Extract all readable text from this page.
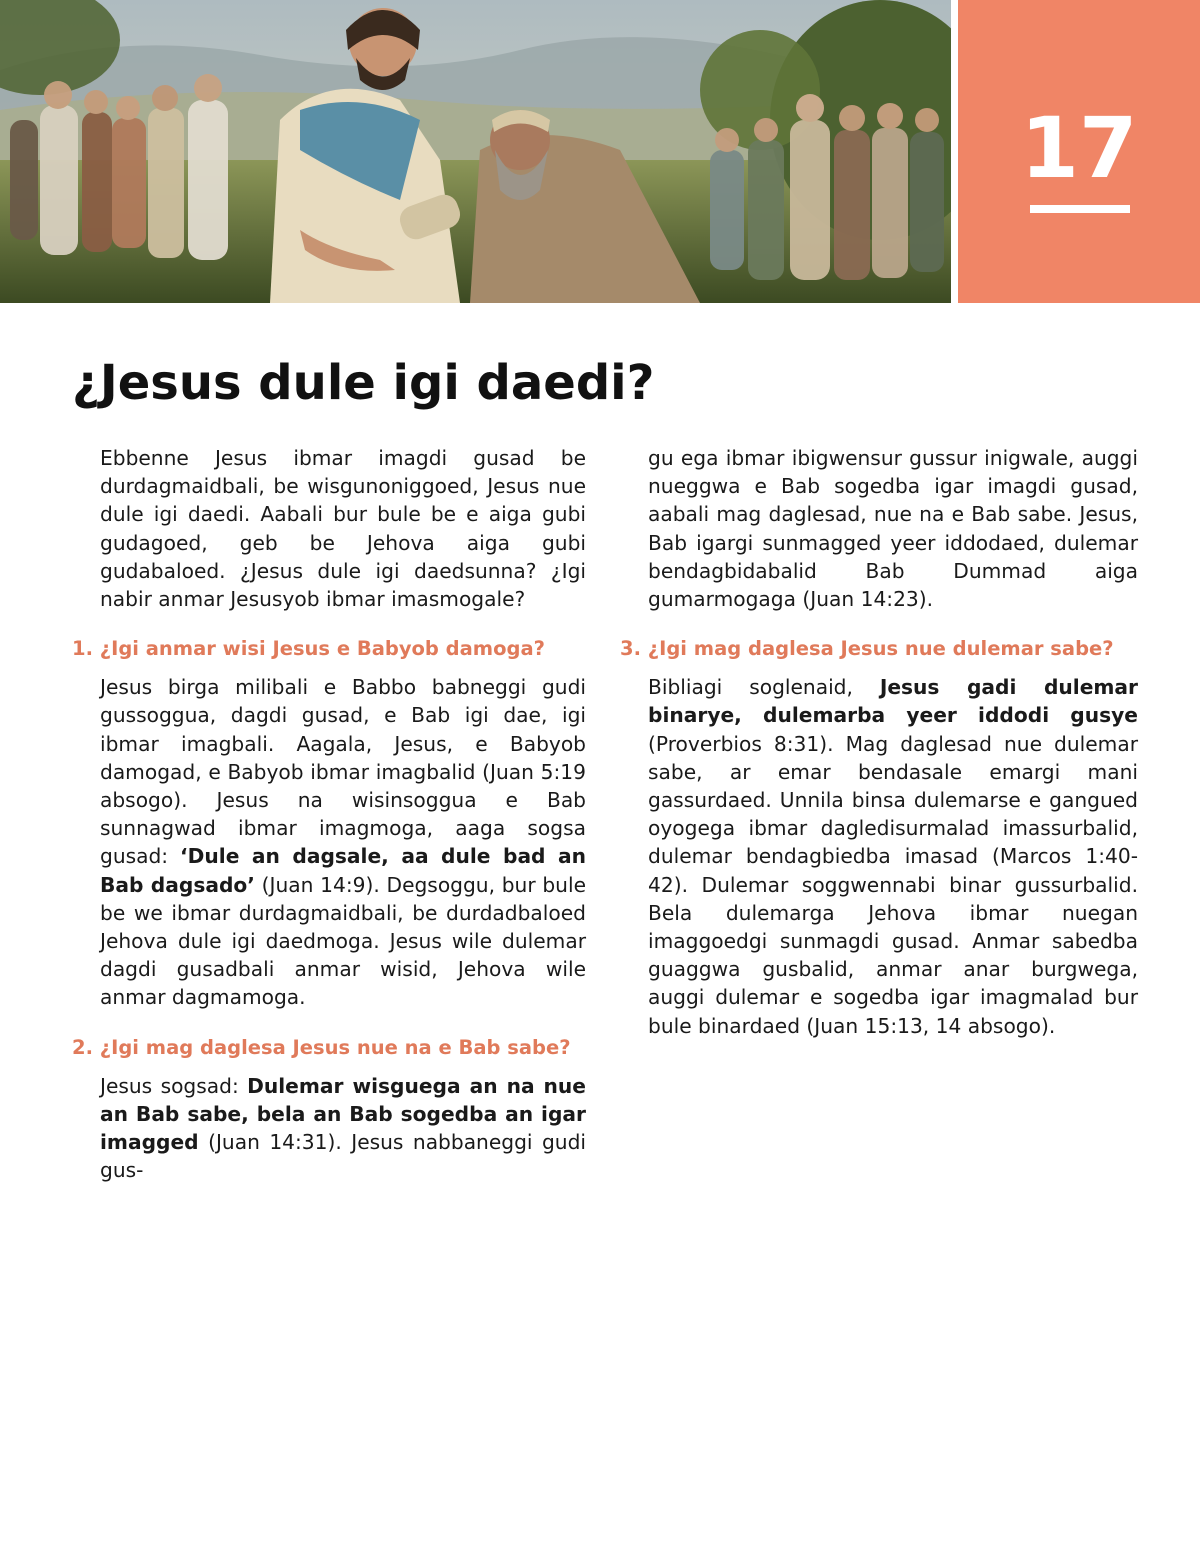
17
¿Jesus dule igi daedi?

Ebbenne Jesus ibmar imagdi gusad be durdagmaidbali, be wisgunoniggoed, Jesus nue dule igi daedi. Aabali bur bule be e aiga gubi gudagoed, geb be Jehova aiga gubi gudabaloed. ¿Jesus dule igi daedsunna? ¿Igi nabir anmar Jesusyob ibmar imasmogale?

1. ¿Igi anmar wisi Jesus e Babyob damoga?

Jesus birga milibali e Babbo babneggi gudi gussoggua, dagdi gusad, e Bab igi dae, igi ibmar imagbali. Aagala, Jesus, e Babyob damogad, e Babyob ibmar imagbalid (Juan 5:19 absogo). Jesus na wisinsoggua e Bab sunnagwad ibmar imagmoga, aaga sogsa gusad: ‘Dule an dagsale, aa dule bad an Bab dagsado’ (Juan 14:9). Degsoggu, bur bule be we ibmar durdagmaidbali, be durdadbaloed Jehova dule igi daedmoga. Jesus wile dulemar dagdi gusadbali anmar wisid, Jehova wile anmar dagmamoga.

2. ¿Igi mag daglesa Jesus nue na e Bab sabe?

Jesus sogsad: Dulemar wisguega an na nue an Bab sabe, bela an Bab sogedba an igar imagged (Juan 14:31). Jesus nabbaneggi gudi gus-

gu ega ibmar ibigwensur gussur inigwale, auggi nueggwa e Bab sogedba igar imagdi gusad, aabali mag daglesad, nue na e Bab sabe. Jesus, Bab igargi sunmagged yeer iddodaed, dulemar bendagbidabalid Bab Dummad aiga gumarmogaga (Juan 14:23).

3. ¿Igi mag daglesa Jesus nue dulemar sabe?

Bibliagi soglenaid, Jesus gadi dulemar binarye, dulemarba yeer iddodi gusye (Proverbios 8:31). Mag daglesad nue dulemar sabe, ar emar bendasale emargi mani gassurdaed. Unnila binsa dulemarse e gangued oyogega ibmar dagledisurmalad imassurbalid, dulemar bendagbiedba imasad (Marcos 1:40-42). Dulemar soggwennabi binar gussurbalid. Bela dulemarga Jehova ibmar nuegan imaggoedgi sunmagdi gusad. Anmar sabedba guaggwa gusbalid, anmar anar burgwega, auggi dulemar e sogedba igar imagmalad bur bule binardaed (Juan 15:13, 14 absogo).
